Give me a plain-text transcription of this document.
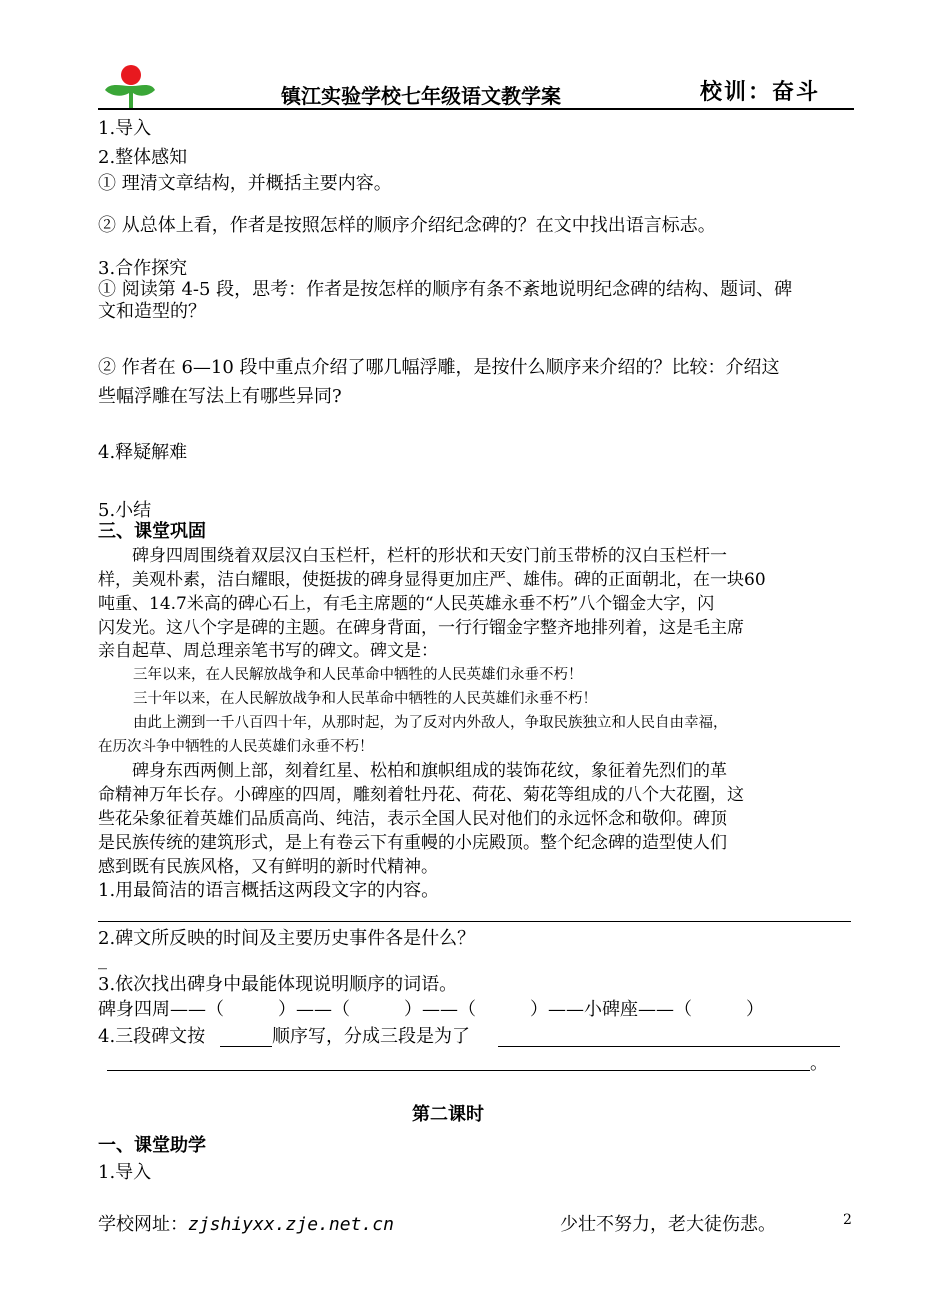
镇江实验学校七年级语文教学案	校训：奋斗
1.导入
2.整体感知
① 理清文章结构，并概括主要内容。
② 从总体上看，作者是按照怎样的顺序介绍纪念碑的？在文中找出语言标志。
3.合作探究
① 阅读第 4-5 段，思考：作者是按怎样的顺序有条不紊地说明纪念碑的结构、题词、碑
文和造型的？
② 作者在 6—10 段中重点介绍了哪几幅浮雕，是按什么顺序来介绍的？比较：介绍这
些幅浮雕在写法上有哪些异同?
4.释疑解难
5.小结
三、课堂巩固
　　碑身四周围绕着双层汉白玉栏杆，栏杆的形状和天安门前玉带桥的汉白玉栏杆一
样，美观朴素，洁白耀眼，使挺拔的碑身显得更加庄严、雄伟。碑的正面朝北，在一块60
吨重、14.7米高的碑心石上，有毛主席题的“人民英雄永垂不朽”八个镏金大字，闪
闪发光。这八个字是碑的主题。在碑身背面，一行行镏金字整齐地排列着，这是毛主席
亲自起草、周总理亲笔书写的碑文。碑文是：
三年以来，在人民解放战争和人民革命中牺牲的人民英雄们永垂不朽！
三十年以来，在人民解放战争和人民革命中牺牲的人民英雄们永垂不朽！
由此上溯到一千八百四十年，从那时起，为了反对内外敌人，争取民族独立和人民自由幸福，
在历次斗争中牺牲的人民英雄们永垂不朽！
　　碑身东西两侧上部，刻着红星、松柏和旗帜组成的装饰花纹，象征着先烈们的革
命精神万年长存。小碑座的四周，雕刻着牡丹花、荷花、菊花等组成的八个大花圈，这
些花朵象征着英雄们品质高尚、纯洁，表示全国人民对他们的永远怀念和敬仰。碑顶
是民族传统的建筑形式，是上有卷云下有重幔的小庑殿顶。整个纪念碑的造型使人们
感到既有民族风格，又有鲜明的新时代精神。
1.用最简洁的语言概括这两段文字的内容。
2.碑文所反映的时间及主要历史事件各是什么？
_
3.依次找出碑身中最能体现说明顺序的词语。
碑身四周——（　　　）——（　　　）——（　　　）——小碑座——（　　　）
4.三段碑文按	顺序写，分成三段是为了
。
第二课时
一、课堂助学
1.导入
学校网址：zjshiyxx.zje.net.cn	少壮不努力，老大徒伤悲。	2
